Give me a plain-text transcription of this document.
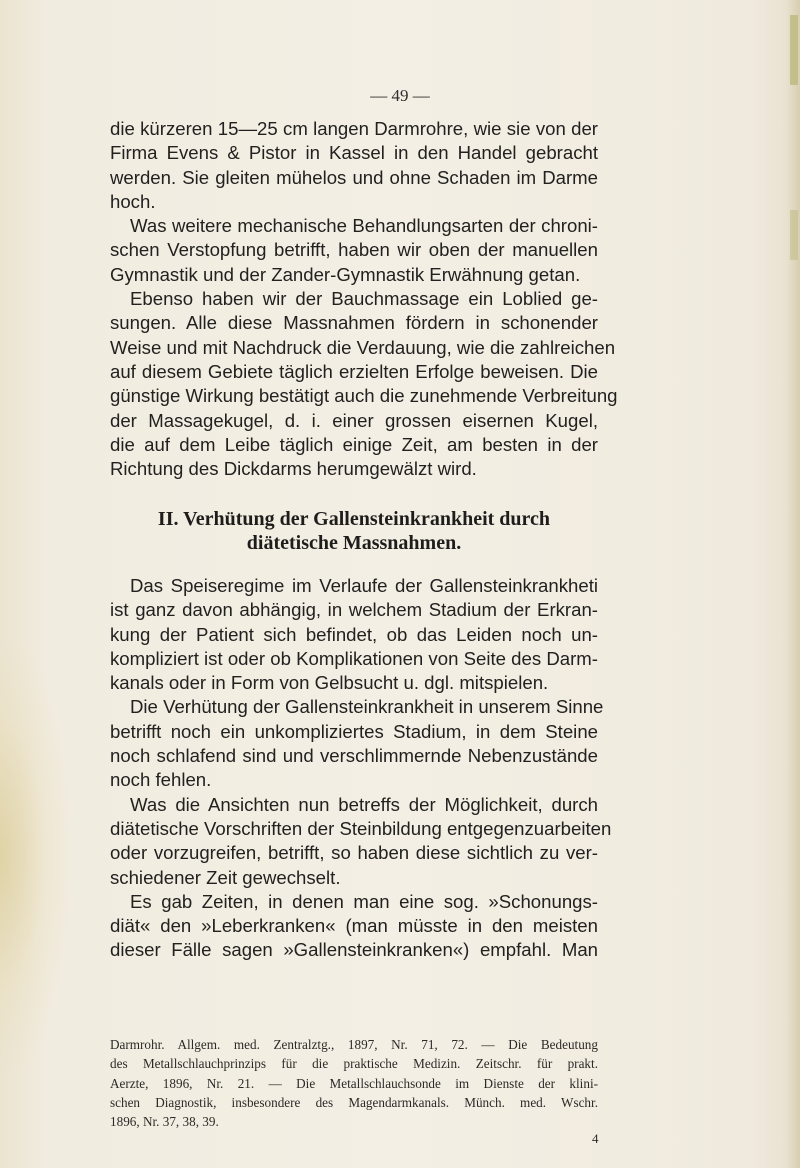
— 49 —
die kürzeren 15—25 cm langen Darmrohre, wie sie von der
Firma Evens & Pistor in Kassel in den Handel gebracht
werden. Sie gleiten mühelos und ohne Schaden im Darme
hoch.
Was weitere mechanische Behandlungsarten der chroni-
schen Verstopfung betrifft, haben wir oben der manuellen
Gymnastik und der Zander-Gymnastik Erwähnung getan.
Ebenso haben wir der Bauchmassage ein Loblied ge-
sungen. Alle diese Massnahmen fördern in schonender
Weise und mit Nachdruck die Verdauung, wie die zahlreichen
auf diesem Gebiete täglich erzielten Erfolge beweisen. Die
günstige Wirkung bestätigt auch die zunehmende Verbreitung
der Massagekugel, d. i. einer grossen eisernen Kugel,
die auf dem Leibe täglich einige Zeit, am besten in der
Richtung des Dickdarms herumgewälzt wird.
II. Verhütung der Gallensteinkrankheit durch
diätetische Massnahmen.
Das Speiseregime im Verlaufe der Gallensteinkrankheti
ist ganz davon abhängig, in welchem Stadium der Erkran-
kung der Patient sich befindet, ob das Leiden noch un-
kompliziert ist oder ob Komplikationen von Seite des Darm-
kanals oder in Form von Gelbsucht u. dgl. mitspielen.
Die Verhütung der Gallensteinkrankheit in unserem Sinne
betrifft noch ein unkompliziertes Stadium, in dem Steine
noch schlafend sind und verschlimmernde Nebenzustände
noch fehlen.
Was die Ansichten nun betreffs der Möglichkeit, durch
diätetische Vorschriften der Steinbildung entgegenzuarbeiten
oder vorzugreifen, betrifft, so haben diese sichtlich zu ver-
schiedener Zeit gewechselt.
Es gab Zeiten, in denen man eine sog. »Schonungs-
diät« den »Leberkranken« (man müsste in den meisten
dieser Fälle sagen »Gallensteinkranken«) empfahl. Man
Darmrohr. Allgem. med. Zentralztg., 1897, Nr. 71, 72. — Die Bedeutung
des Metallschlauchprinzips für die praktische Medizin. Zeitschr. für prakt.
Aerzte, 1896, Nr. 21. — Die Metallschlauchsonde im Dienste der klini-
schen Diagnostik, insbesondere des Magendarmkanals. Münch. med. Wschr.
1896, Nr. 37, 38, 39.
4
